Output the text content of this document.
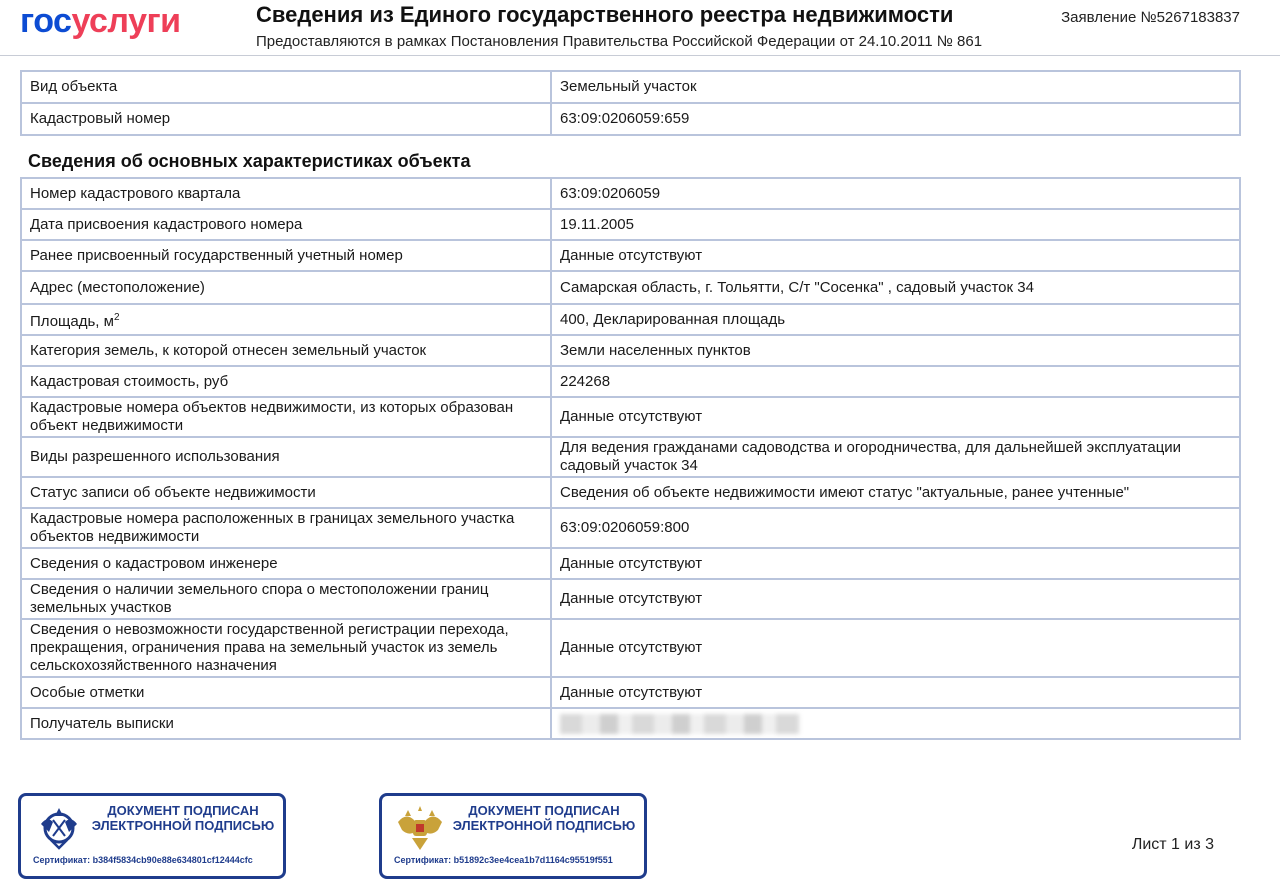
госуслуги	Сведения из Единого государственного реестра недвижимости
Предоставляются в рамках Постановления Правительства Российской Федерации от 24.10.2011 № 861
Заявление №5267183837
Вид объекта	Земельный участок
Кадастровый номер	63:09:0206059:659
Сведения об основных характеристиках объекта
Номер кадастрового квартала	63:09:0206059
Дата присвоения кадастрового номера	19.11.2005
Ранее присвоенный государственный учетный номер	Данные отсутствуют
Адрес (местоположение)	Самарская область, г. Тольятти, С/т "Сосенка" , садовый участок 34
Площадь, $м^2$	400, Декларированная площадь
Категория земель, к которой отнесен земельный участок	Земли населенных пунктов
Кадастровая стоимость, руб	224268
Кадастровые номера объектов недвижимости, из которых образован объект недвижимости	Данные отсутствуют
Виды разрешенного использования	Для ведения гражданами садоводства и огородничества, для дальнейшей эксплуатации садовый участок 34
Статус записи об объекте недвижимости	Сведения об объекте недвижимости имеют статус "актуальные, ранее учтенные"
Кадастровые номера расположенных в границах земельного участка объектов недвижимости	63:09:0206059:800
Сведения о кадастровом инженере	Данные отсутствуют
Сведения о наличии земельного спора о местоположении границ земельных участков	Данные отсутствуют
Сведения о невозможности государственной регистрации перехода, прекращения, ограничения права на земельный участок из земель сельскохозяйственного назначения	Данные отсутствуют
Особые отметки	Данные отсутствуют
Получатель выписки	
ДОКУМЕНТ ПОДПИСАН ЭЛЕКТРОННОЙ ПОДПИСЬЮ
Сертификат: b384f5834cb90e88e634801cf12444cfc
ДОКУМЕНТ ПОДПИСАН ЭЛЕКТРОННОЙ ПОДПИСЬЮ
Сертификат: b51892c3ee4cea1b7d1164c95519f551
Лист 1 из 3
